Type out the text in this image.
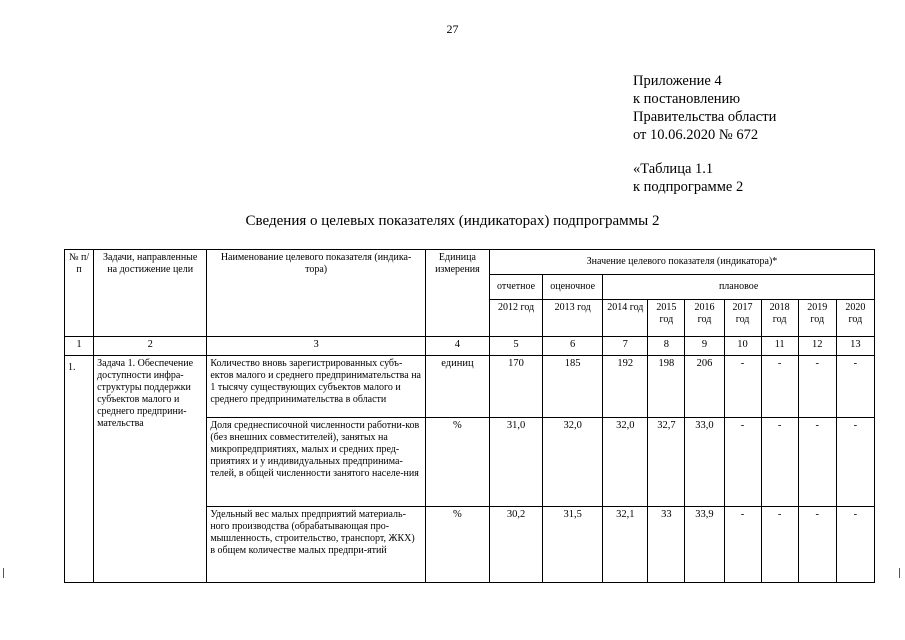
27
Приложение 4
к постановлению
Правительства области
от 10.06.2020 № 672
«Таблица 1.1
к подпрограмме 2
Сведения о целевых показателях (индикаторах) подпрограммы 2
№ п/п	Задачи, направленные на достижение цели	Наименование целевого показателя (индика-тора)	Единица измерения	Значение целевого показателя (индикатора)*								
				отчетное	оценочное	плановое						
				2012 год	2013 год	2014 год	2015 год	2016 год	2017 год	2018 год	2019 год	2020 год
1	2	3	4	5	6	7	8	9	10	11	12	13
1.	Задача 1. Обеспечение доступности инфра-структуры поддержки субъектов малого и среднего предприни-мательства	Количество вновь зарегистрированных субъ-ектов малого и среднего предпринимательства на 1 тысячу существующих субъектов малого и среднего предпринимательства в области	единиц	170	185	192	198	206	-	-	-	-
		Доля среднесписочной численности работни-ков (без внешних совместителей), занятых на микропредприятиях, малых и средних пред-приятиях и у индивидуальных предпринима-телей, в общей численности занятого населе-ния	%	31,0	32,0	32,0	32,7	33,0	-	-	-	-
		Удельный вес малых предприятий материаль-ного производства (обрабатывающая про-мышленность, строительство, транспорт, ЖКХ) в общем количестве малых предпри-ятий	%	30,2	31,5	32,1	33	33,9	-	-	-	-
